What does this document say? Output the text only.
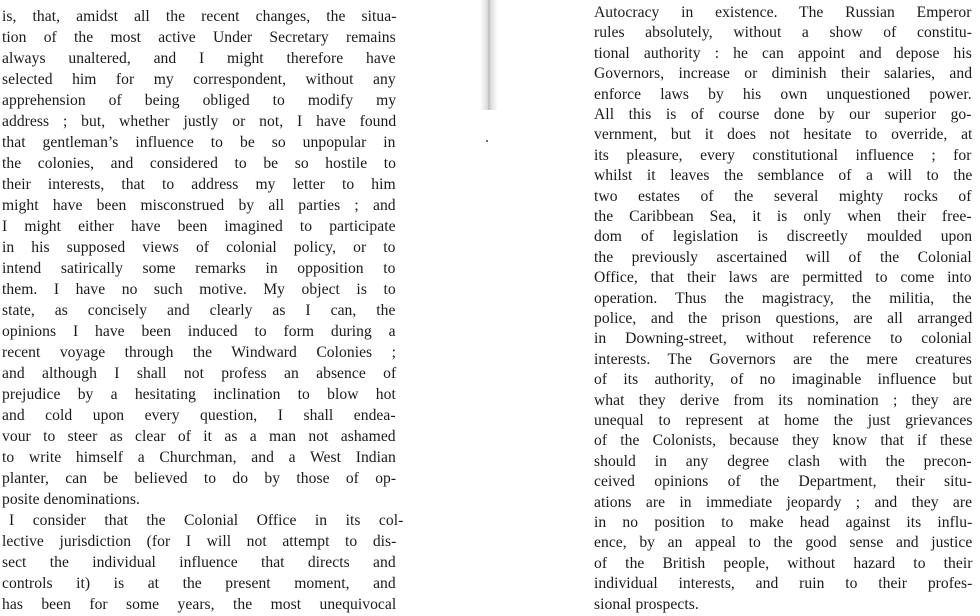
is, that, amidst all the recent changes, the situa-
tion of the most active Under Secretary remains
always unaltered, and I might therefore have
selected him for my correspondent, without any
apprehension of being obliged to modify my
address ; but, whether justly or not, I have found
that gentleman’s influence to be so unpopular in
the colonies, and considered to be so hostile to
their interests, that to address my letter to him
might have been misconstrued by all parties ; and
I might either have been imagined to participate
in his supposed views of colonial policy, or to
intend satirically some remarks in opposition to
them. I have no such motive. My object is to
state, as concisely and clearly as I can, the
opinions I have been induced to form during a
recent voyage through the Windward Colonies ;
and although I shall not profess an absence of
prejudice by a hesitating inclination to blow hot
and cold upon every question, I shall endea-
vour to steer as clear of it as a man not ashamed
to write himself a Churchman, and a West Indian
planter, can be believed to do by those of op-
posite denominations.
I consider that the Colonial Office in its col-
lective jurisdiction (for I will not attempt to dis-
sect the individual influence that directs and
controls it) is at the present moment, and
has been for some years, the most unequivocal
Autocracy in existence. The Russian Emperor
rules absolutely, without a show of constitu-
tional authority : he can appoint and depose his
Governors, increase or diminish their salaries, and
enforce laws by his own unquestioned power.
All this is of course done by our superior go-
vernment, but it does not hesitate to override, at
its pleasure, every constitutional influence ; for
whilst it leaves the semblance of a will to the
two estates of the several mighty rocks of
the Caribbean Sea, it is only when their free-
dom of legislation is discreetly moulded upon
the previously ascertained will of the Colonial
Office, that their laws are permitted to come into
operation. Thus the magistracy, the militia, the
police, and the prison questions, are all arranged
in Downing-street, without reference to colonial
interests. The Governors are the mere creatures
of its authority, of no imaginable influence but
what they derive from its nomination ; they are
unequal to represent at home the just grievances
of the Colonists, because they know that if these
should in any degree clash with the precon-
ceived opinions of the Department, their situ-
ations are in immediate jeopardy ; and they are
in no position to make head against its influ-
ence, by an appeal to the good sense and justice
of the British people, without hazard to their
individual interests, and ruin to their profes-
sional prospects.
